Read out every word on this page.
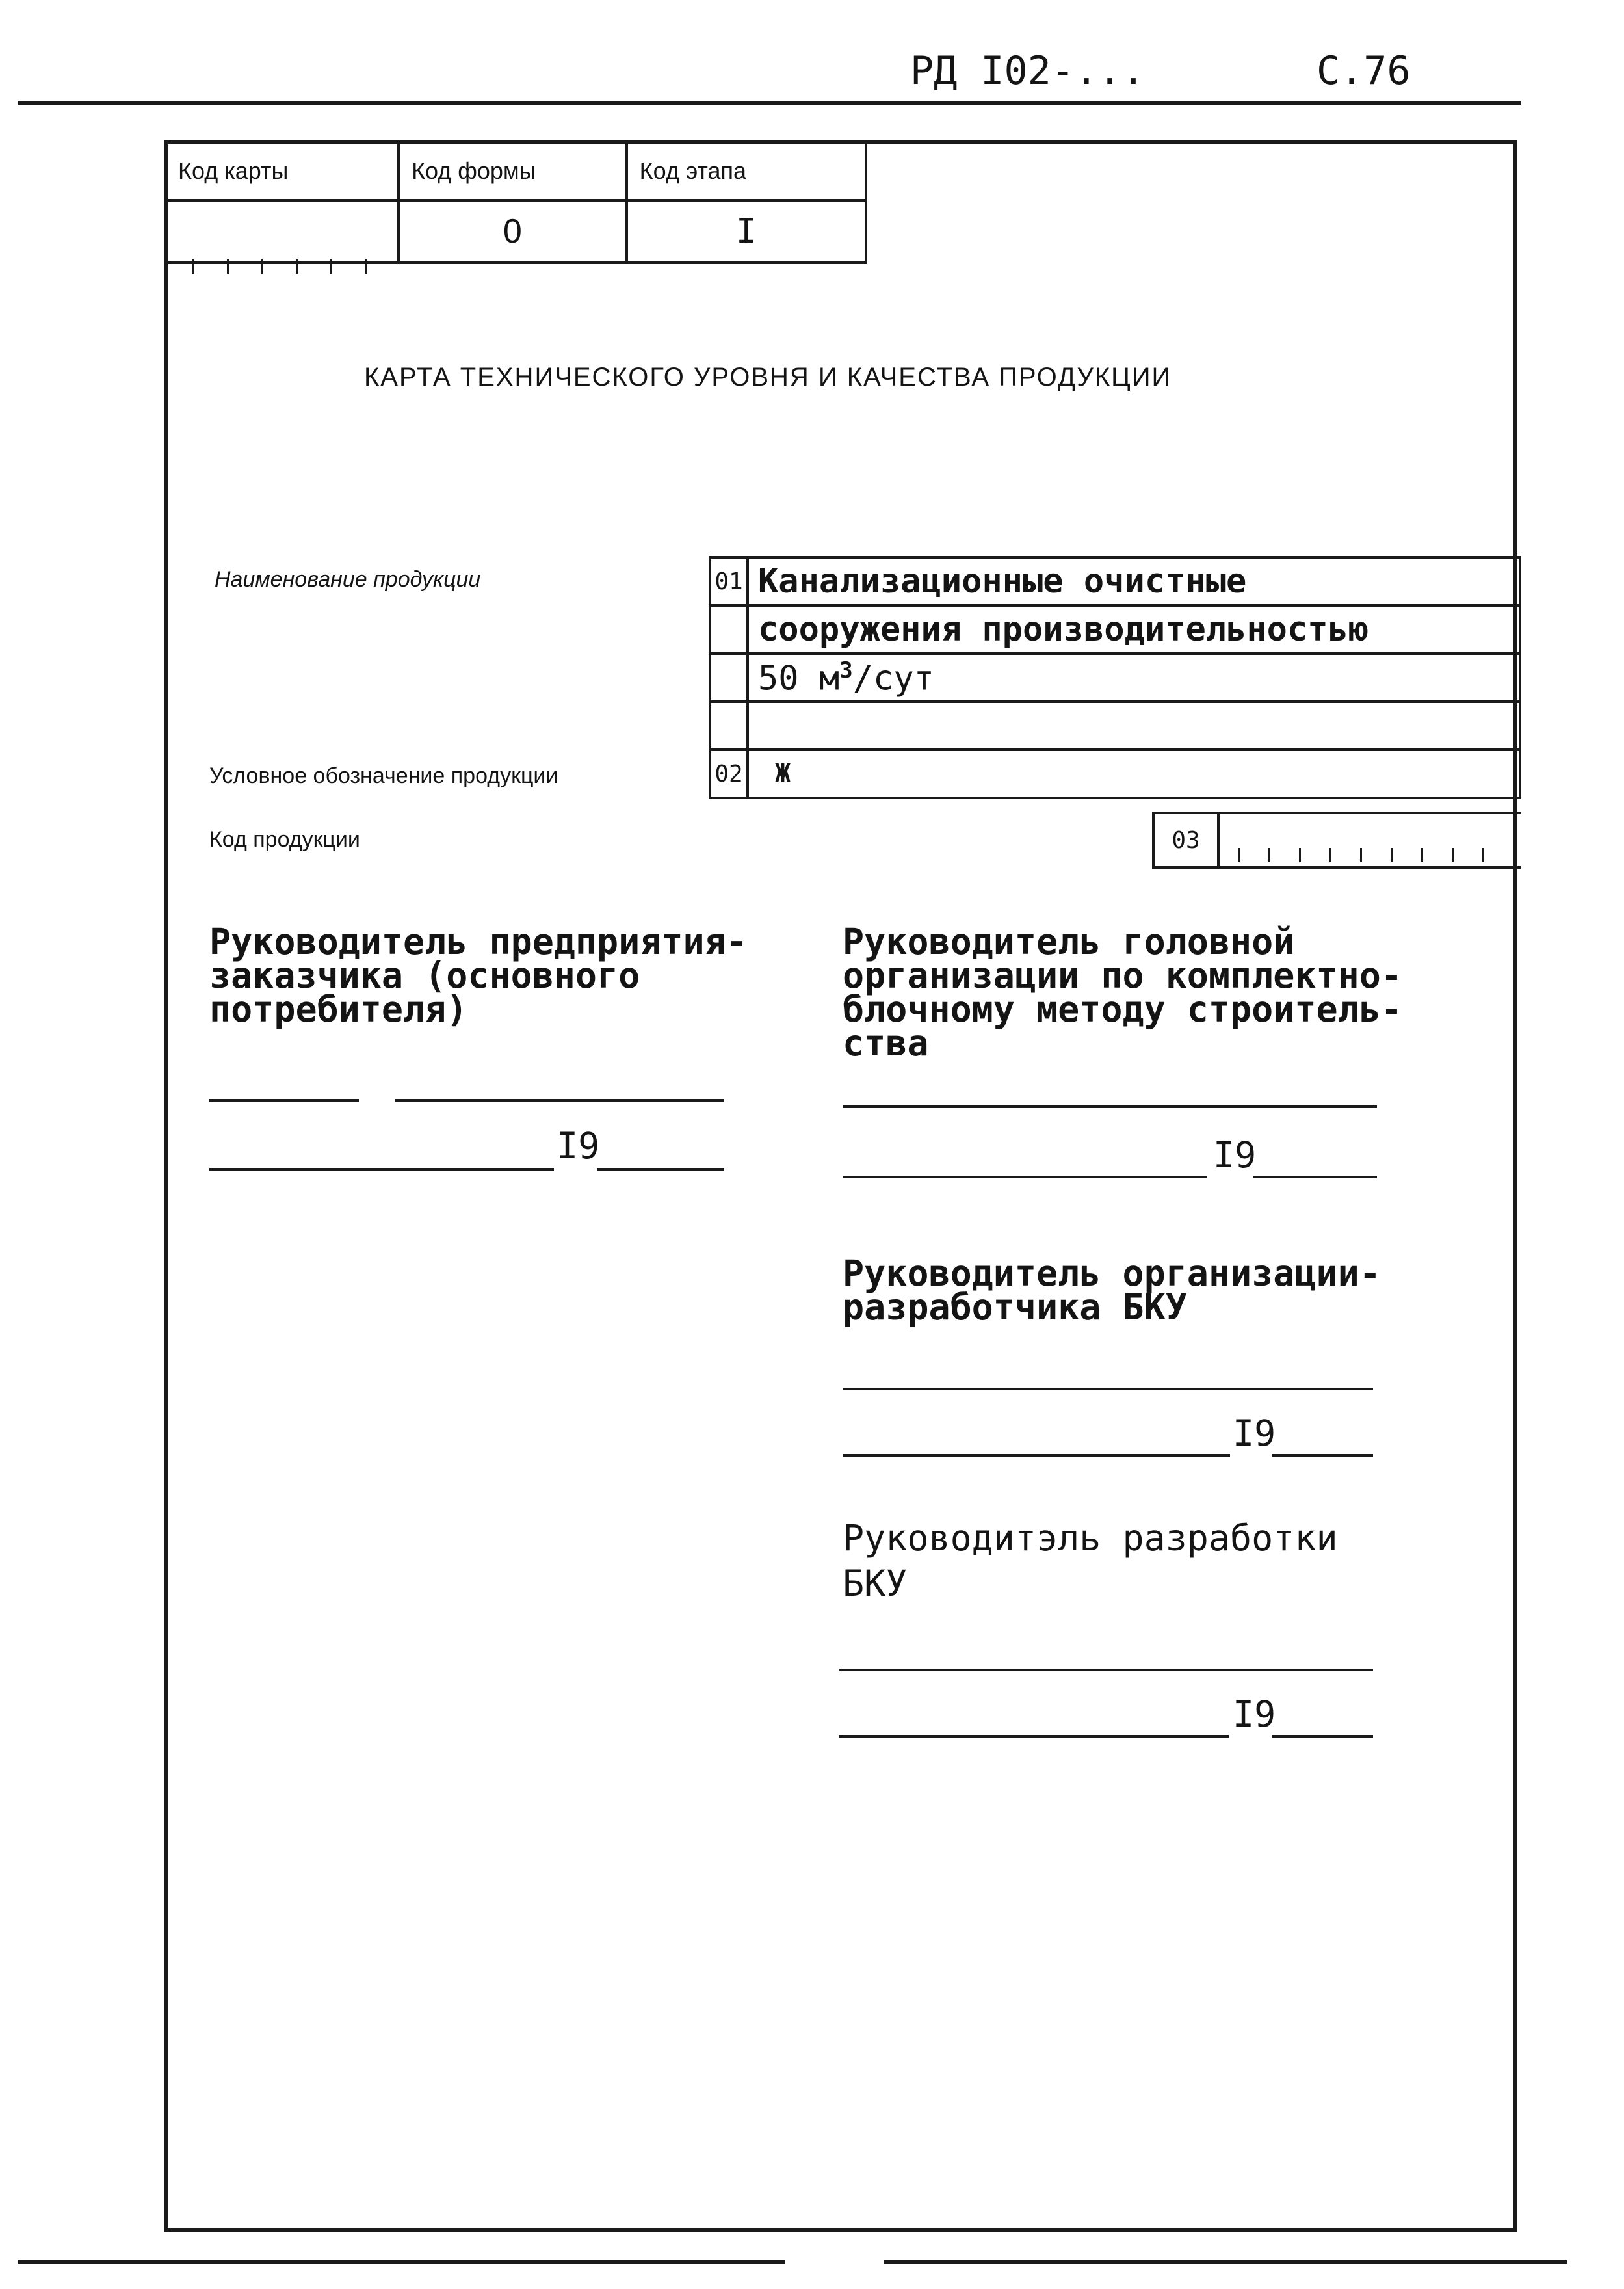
РД I02-...	С.76
Код карты	Код формы	Код этапа

	0	I
КАРТА ТЕХНИЧЕСКОГО УРОВНЯ И КАЧЕСТВА ПРОДУКЦИИ
Наименование продукции
Условное обозначение продукции
Код продукции
01	Канализационные очистные
	сооружения производительностью
	50 $м^3$/сут

02	Ж
03
Руководитель предприятия-
заказчика (основного
потребителя)
I9
Руководитель головной
организации по комплектно-
блочному методу строитель-
ства
I9
Руководитель организации-
разработчика БКУ
I9
Руководитэль разработки
БКУ
I9
